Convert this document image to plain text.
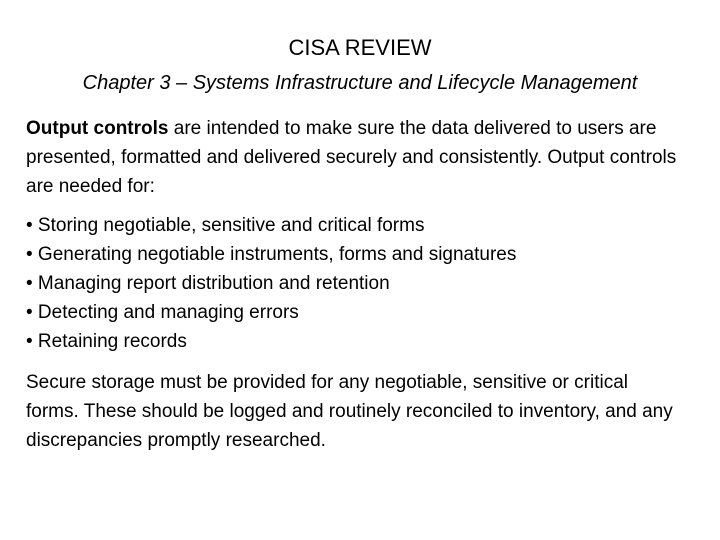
CISA REVIEW
Chapter 3 – Systems Infrastructure and Lifecycle Management

Output controls are intended to make sure the data delivered to users are presented, formatted and delivered securely and consistently. Output controls are needed for:

• Storing negotiable, sensitive and critical forms
• Generating negotiable instruments, forms and signatures
• Managing report distribution and retention
• Detecting and managing errors
• Retaining records

Secure storage must be provided for any negotiable, sensitive or critical forms. These should be logged and routinely reconciled to inventory, and any discrepancies promptly researched.
